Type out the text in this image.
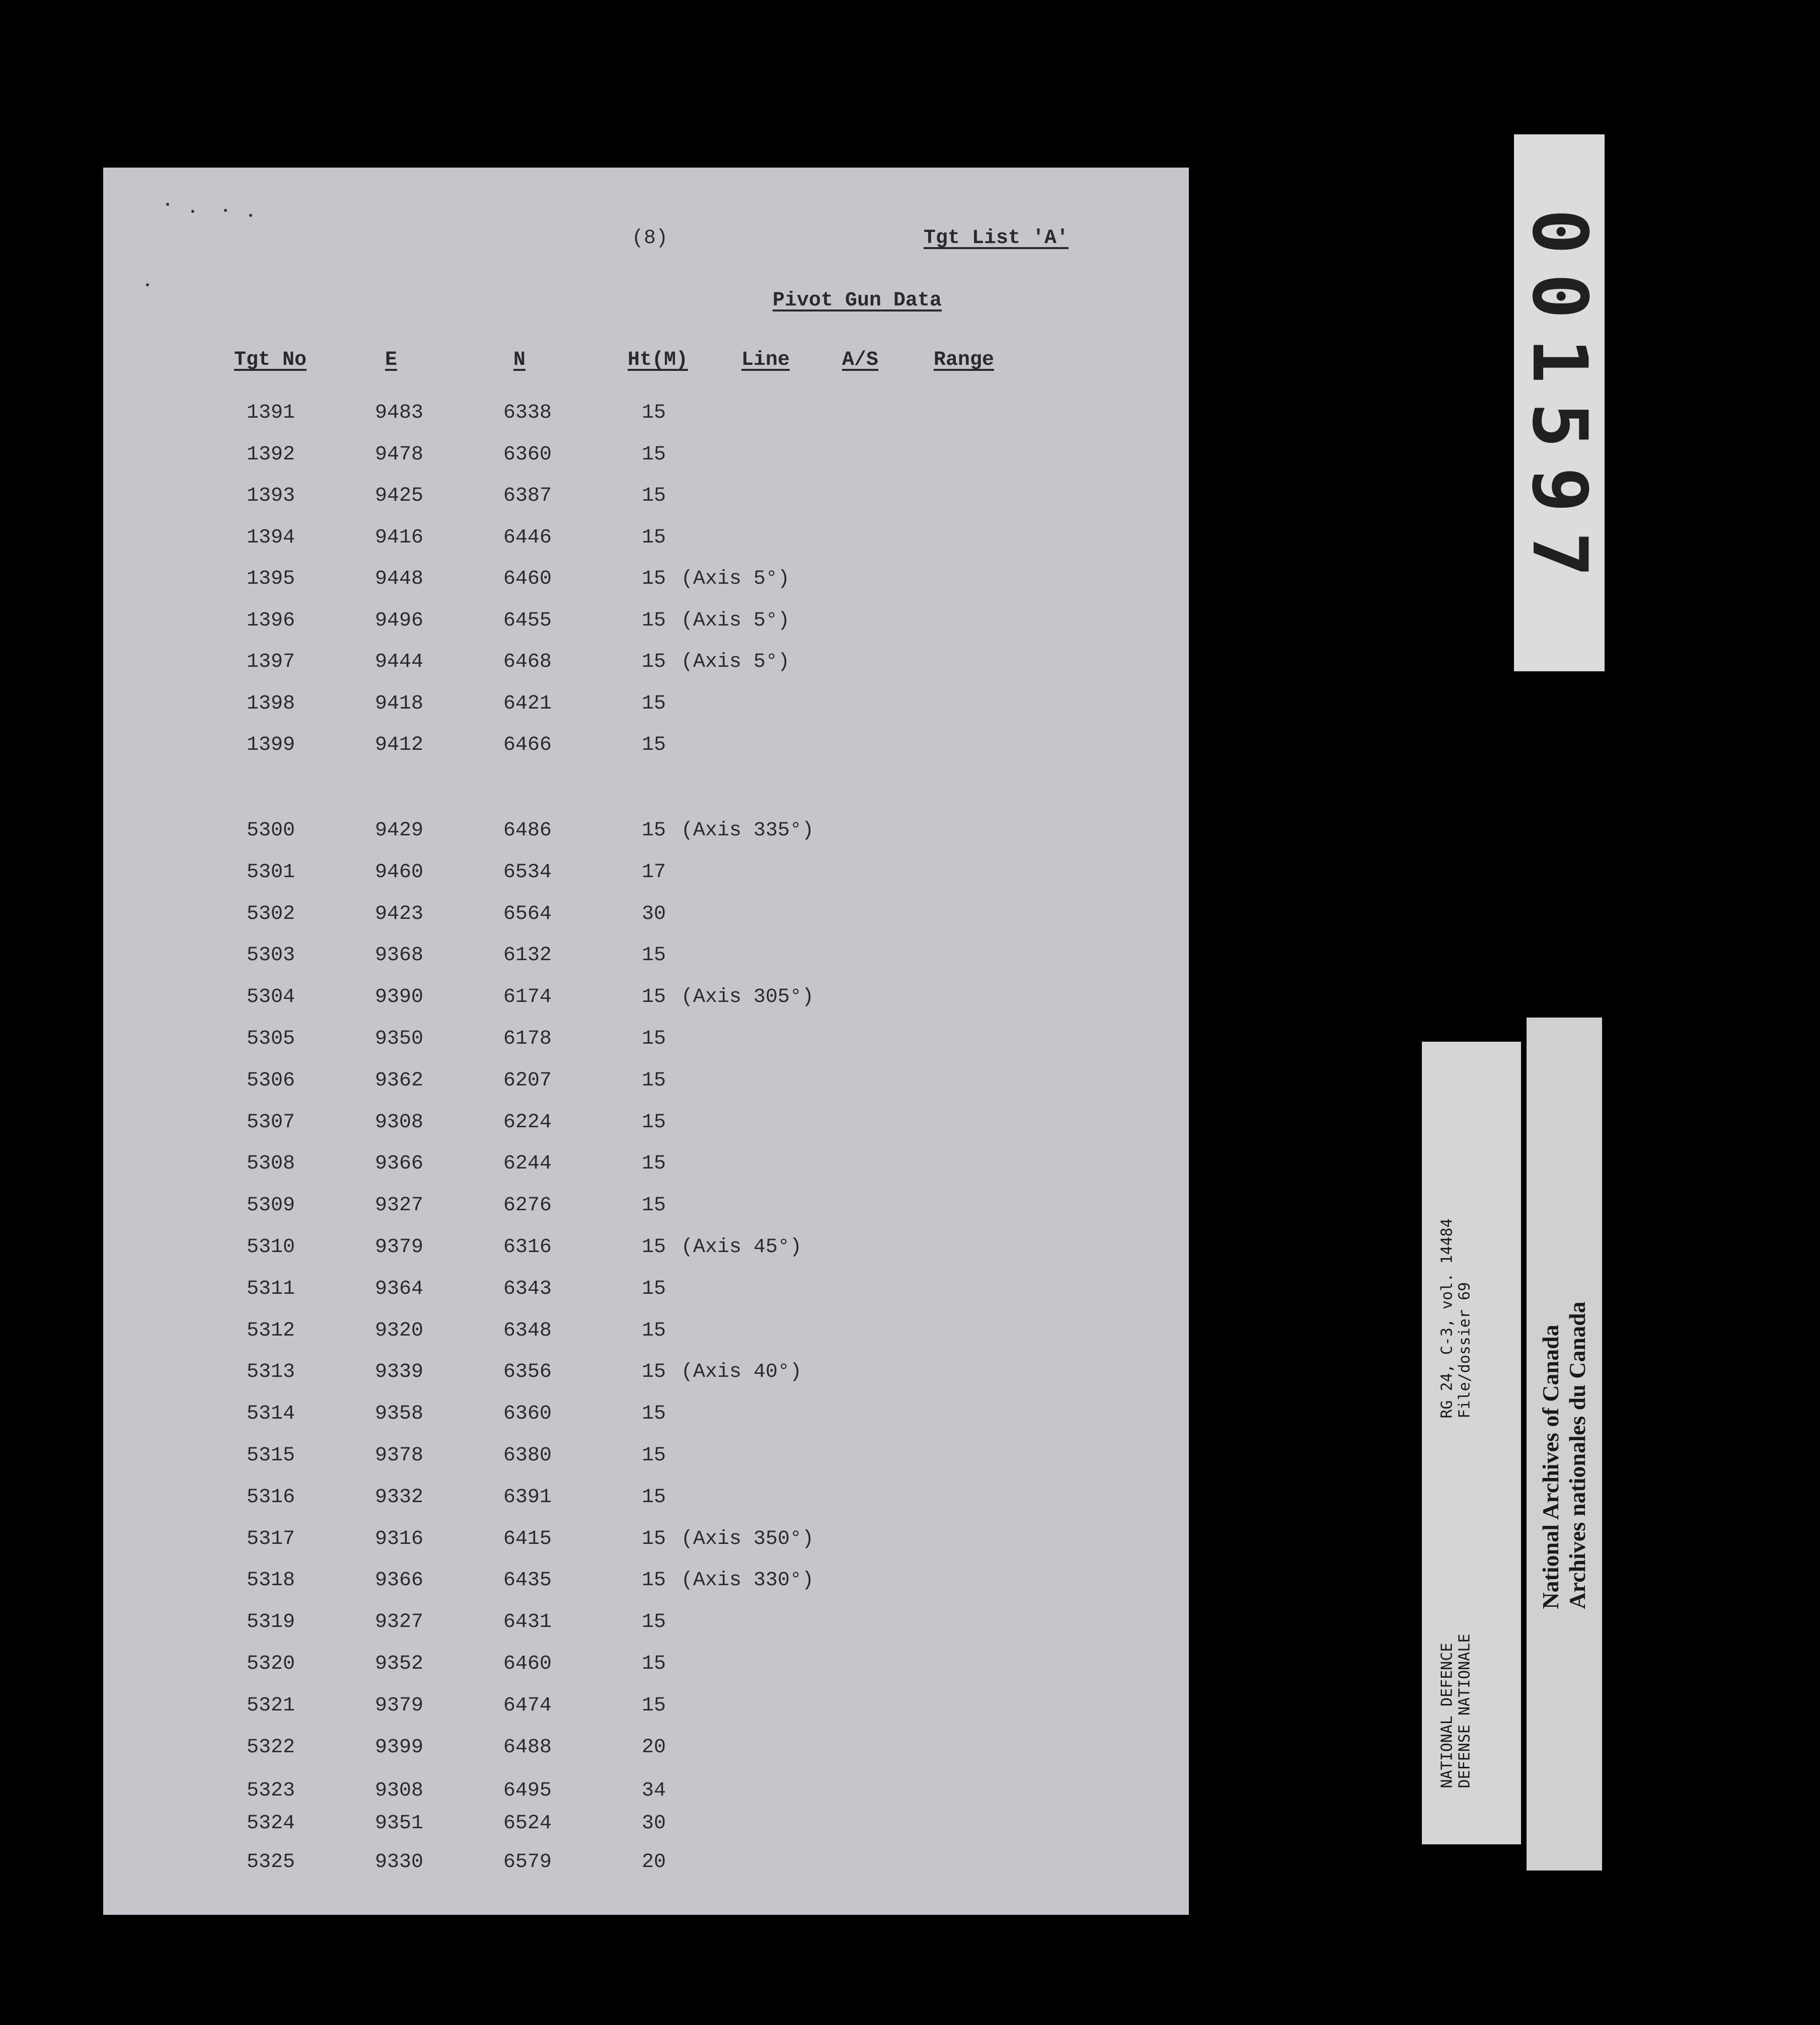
(8)	Tgt List 'A'
Pivot Gun Data
Tgt No	E	N	Ht(M)	Line	A/S	Range
1391	9483	6338	15
1392	9478	6360	15
1393	9425	6387	15
1394	9416	6446	15
1395	9448	6460	15 (Axis 5°)
1396	9496	6455	15 (Axis 5°)
1397	9444	6468	15 (Axis 5°)
1398	9418	6421	15
1399	9412	6466	15
5300	9429	6486	15 (Axis 335°)
5301	9460	6534	17
5302	9423	6564	30
5303	9368	6132	15
5304	9390	6174	15 (Axis 305°)
5305	9350	6178	15
5306	9362	6207	15
5307	9308	6224	15
5308	9366	6244	15
5309	9327	6276	15
5310	9379	6316	15 (Axis 45°)
5311	9364	6343	15
5312	9320	6348	15
5313	9339	6356	15 (Axis 40°)
5314	9358	6360	15
5315	9378	6380	15
5316	9332	6391	15
5317	9316	6415	15 (Axis 350°)
5318	9366	6435	15 (Axis 330°)
5319	9327	6431	15
5320	9352	6460	15
5321	9379	6474	15
5322	9399	6488	20
5323	9308	6495	34
5324	9351	6524	30
5325	9330	6579	20
001597
RG 24, C-3, vol. 14484 File/dossier 69
NATIONAL DEFENCE DEFENSE NATIONALE
National Archives of Canada Archives nationales du Canada
